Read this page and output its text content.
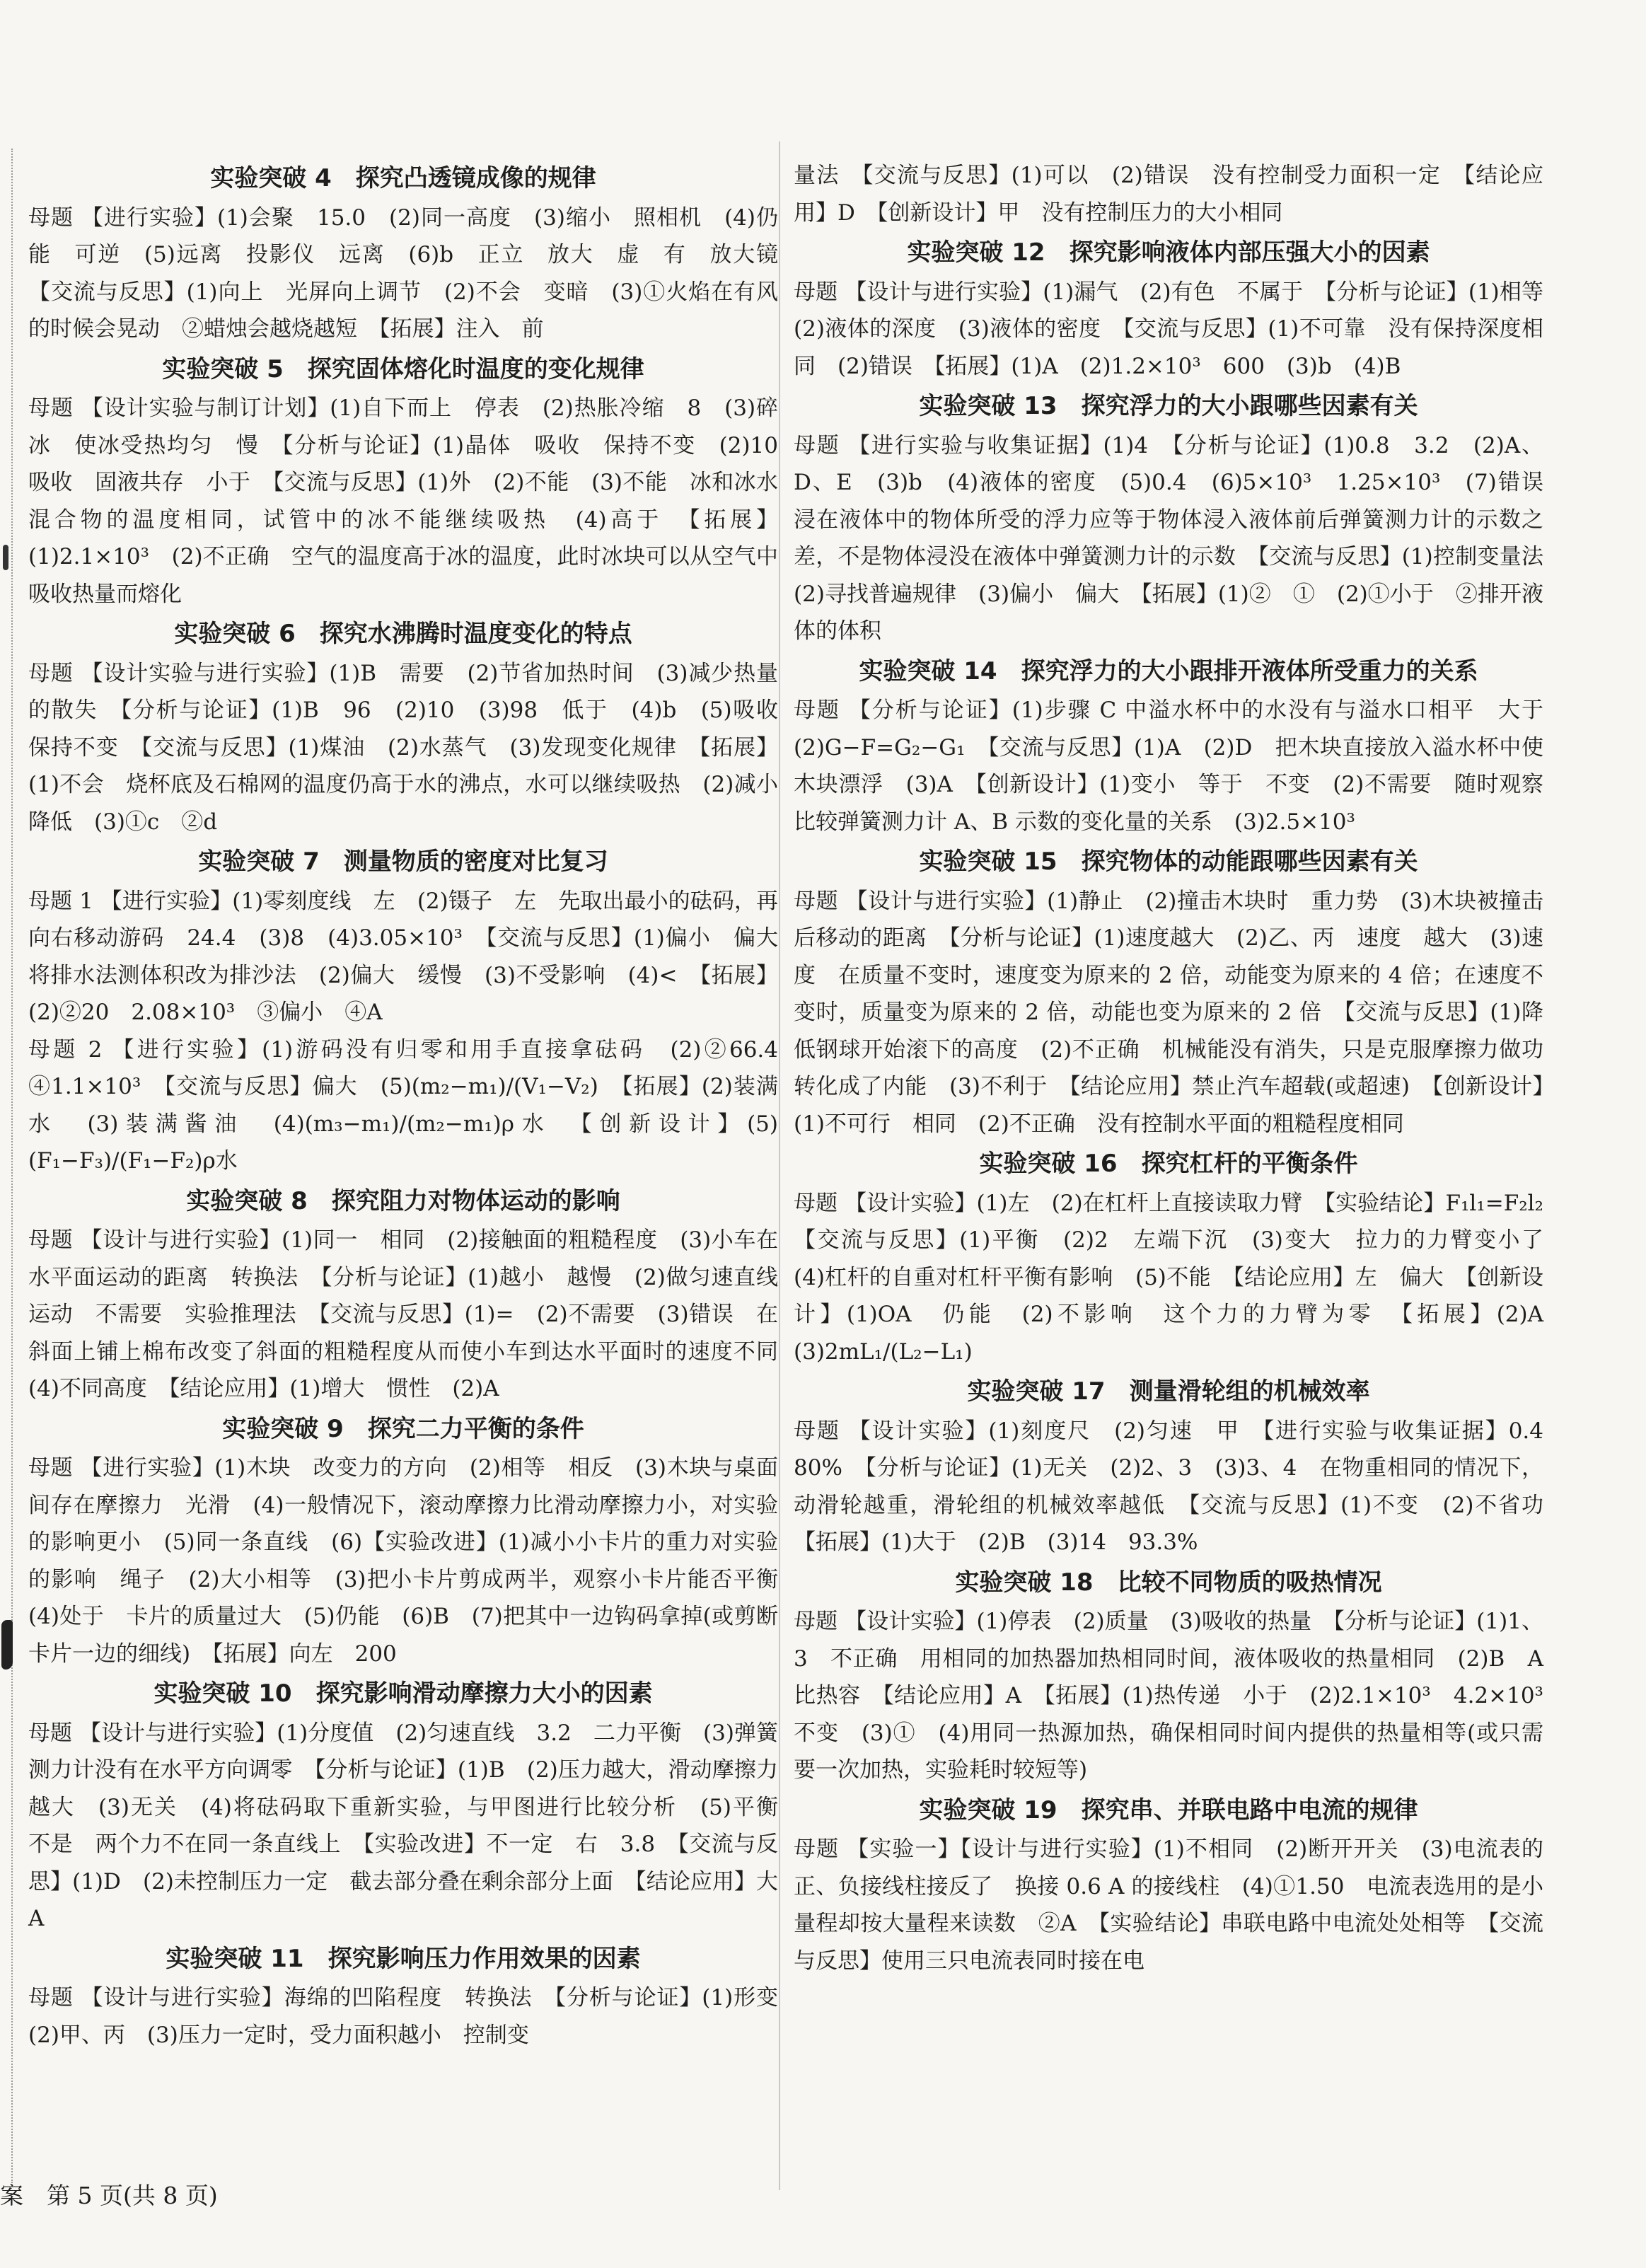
实验突破 4　探究凸透镜成像的规律
母题 【进行实验】(1)会聚　15.0　(2)同一高度　(3)缩小　照相机　(4)仍能　可逆　(5)远离　投影仪　远离　(6)b　正立　放大　虚　有　放大镜　【交流与反思】(1)向上　光屏向上调节　(2)不会　变暗　(3)①火焰在有风的时候会晃动　②蜡烛会越烧越短　【拓展】注入　前
实验突破 5　探究固体熔化时温度的变化规律
母题 【设计实验与制订计划】(1)自下而上　停表　(2)热胀冷缩　8　(3)碎冰　使冰受热均匀　慢　【分析与论证】(1)晶体　吸收　保持不变　(2)10　吸收　固液共存　小于　【交流与反思】(1)外　(2)不能　(3)不能　冰和冰水混合物的温度相同，试管中的冰不能继续吸热　(4)高于　【拓展】(1)2.1×10³　(2)不正确　空气的温度高于冰的温度，此时冰块可以从空气中吸收热量而熔化
实验突破 6　探究水沸腾时温度变化的特点
母题 【设计实验与进行实验】(1)B　需要　(2)节省加热时间　(3)减少热量的散失　【分析与论证】(1)B　96　(2)10　(3)98　低于　(4)b　(5)吸收　保持不变　【交流与反思】(1)煤油　(2)水蒸气　(3)发现变化规律　【拓展】(1)不会　烧杯底及石棉网的温度仍高于水的沸点，水可以继续吸热　(2)减小　降低　(3)①c　②d
实验突破 7　测量物质的密度对比复习
母题 1 【进行实验】(1)零刻度线　左　(2)镊子　左　先取出最小的砝码，再向右移动游码　24.4　(3)8　(4)3.05×10³　【交流与反思】(1)偏小　偏大　将排水法测体积改为排沙法　(2)偏大　缓慢　(3)不受影响　(4)<　【拓展】(2)②20　2.08×10³　③偏小　④A
母题 2 【进行实验】(1)游码没有归零和用手直接拿砝码　(2)②66.4　④1.1×10³　【交流与反思】偏大　(5)(m₂−m₁)/(V₁−V₂)　【拓展】(2)装满水　(3)装满酱油　(4)(m₃−m₁)/(m₂−m₁)ρ水　【创新设计】(5)(F₁−F₃)/(F₁−F₂)ρ水
实验突破 8　探究阻力对物体运动的影响
母题 【设计与进行实验】(1)同一　相同　(2)接触面的粗糙程度　(3)小车在水平面运动的距离　转换法　【分析与论证】(1)越小　越慢　(2)做匀速直线运动　不需要　实验推理法　【交流与反思】(1)=　(2)不需要　(3)错误　在斜面上铺上棉布改变了斜面的粗糙程度从而使小车到达水平面时的速度不同　(4)不同高度　【结论应用】(1)增大　惯性　(2)A
实验突破 9　探究二力平衡的条件
母题 【进行实验】(1)木块　改变力的方向　(2)相等　相反　(3)木块与桌面间存在摩擦力　光滑　(4)一般情况下，滚动摩擦力比滑动摩擦力小，对实验的影响更小　(5)同一条直线　(6)【实验改进】(1)减小小卡片的重力对实验的影响　绳子　(2)大小相等　(3)把小卡片剪成两半，观察小卡片能否平衡　(4)处于　卡片的质量过大　(5)仍能　(6)B　(7)把其中一边钩码拿掉(或剪断卡片一边的细线)　【拓展】向左　200
实验突破 10　探究影响滑动摩擦力大小的因素
母题 【设计与进行实验】(1)分度值　(2)匀速直线　3.2　二力平衡　(3)弹簧测力计没有在水平方向调零　【分析与论证】(1)B　(2)压力越大，滑动摩擦力越大　(3)无关　(4)将砝码取下重新实验，与甲图进行比较分析　(5)平衡　不是　两个力不在同一条直线上　【实验改进】不一定　右　3.8　【交流与反思】(1)D　(2)未控制压力一定　截去部分叠在剩余部分上面　【结论应用】大　A
实验突破 11　探究影响压力作用效果的因素
母题 【设计与进行实验】海绵的凹陷程度　转换法　【分析与论证】(1)形变　(2)甲、丙　(3)压力一定时，受力面积越小　控制变
量法　【交流与反思】(1)可以　(2)错误　没有控制受力面积一定　【结论应用】D　【创新设计】甲　没有控制压力的大小相同
实验突破 12　探究影响液体内部压强大小的因素
母题 【设计与进行实验】(1)漏气　(2)有色　不属于　【分析与论证】(1)相等　(2)液体的深度　(3)液体的密度　【交流与反思】(1)不可靠　没有保持深度相同　(2)错误　【拓展】(1)A　(2)1.2×10³　600　(3)b　(4)B
实验突破 13　探究浮力的大小跟哪些因素有关
母题 【进行实验与收集证据】(1)4　【分析与论证】(1)0.8　3.2　(2)A、D、E　(3)b　(4)液体的密度　(5)0.4　(6)5×10³　1.25×10³　(7)错误　浸在液体中的物体所受的浮力应等于物体浸入液体前后弹簧测力计的示数之差，不是物体浸没在液体中弹簧测力计的示数　【交流与反思】(1)控制变量法　(2)寻找普遍规律　(3)偏小　偏大　【拓展】(1)②　①　(2)①小于　②排开液体的体积
实验突破 14　探究浮力的大小跟排开液体所受重力的关系
母题 【分析与论证】(1)步骤 C 中溢水杯中的水没有与溢水口相平　大于　(2)G−F=G₂−G₁　【交流与反思】(1)A　(2)D　把木块直接放入溢水杯中使木块漂浮　(3)A　【创新设计】(1)变小　等于　不变　(2)不需要　随时观察比较弹簧测力计 A、B 示数的变化量的关系　(3)2.5×10³
实验突破 15　探究物体的动能跟哪些因素有关
母题 【设计与进行实验】(1)静止　(2)撞击木块时　重力势　(3)木块被撞击后移动的距离　【分析与论证】(1)速度越大　(2)乙、丙　速度　越大　(3)速度　在质量不变时，速度变为原来的 2 倍，动能变为原来的 4 倍；在速度不变时，质量变为原来的 2 倍，动能也变为原来的 2 倍　【交流与反思】(1)降低钢球开始滚下的高度　(2)不正确　机械能没有消失，只是克服摩擦力做功转化成了内能　(3)不利于　【结论应用】禁止汽车超载(或超速)　【创新设计】(1)不可行　相同　(2)不正确　没有控制水平面的粗糙程度相同
实验突破 16　探究杠杆的平衡条件
母题 【设计实验】(1)左　(2)在杠杆上直接读取力臂　【实验结论】F₁l₁=F₂l₂　【交流与反思】(1)平衡　(2)2　左端下沉　(3)变大　拉力的力臂变小了　(4)杠杆的自重对杠杆平衡有影响　(5)不能　【结论应用】左　偏大　【创新设计】(1)OA　仍能　(2)不影响　这个力的力臂为零　【拓展】(2)A　(3)2mL₁/(L₂−L₁)
实验突破 17　测量滑轮组的机械效率
母题 【设计实验】(1)刻度尺　(2)匀速　甲　【进行实验与收集证据】0.4　80%　【分析与论证】(1)无关　(2)2、3　(3)3、4　在物重相同的情况下，动滑轮越重，滑轮组的机械效率越低　【交流与反思】(1)不变　(2)不省功　【拓展】(1)大于　(2)B　(3)14　93.3%
实验突破 18　比较不同物质的吸热情况
母题 【设计实验】(1)停表　(2)质量　(3)吸收的热量　【分析与论证】(1)1、3　不正确　用相同的加热器加热相同时间，液体吸收的热量相同　(2)B　A　比热容　【结论应用】A　【拓展】(1)热传递　小于　(2)2.1×10³　4.2×10³　不变　(3)①　(4)用同一热源加热，确保相同时间内提供的热量相等(或只需要一次加热，实验耗时较短等)
实验突破 19　探究串、并联电路中电流的规律
母题 【实验一】【设计与进行实验】(1)不相同　(2)断开开关　(3)电流表的正、负接线柱接反了　换接 0.6 A 的接线柱　(4)①1.50　电流表选用的是小量程却按大量程来读数　②A　【实验结论】串联电路中电流处处相等　【交流与反思】使用三只电流表同时接在电
案　第 5 页(共 8 页)
